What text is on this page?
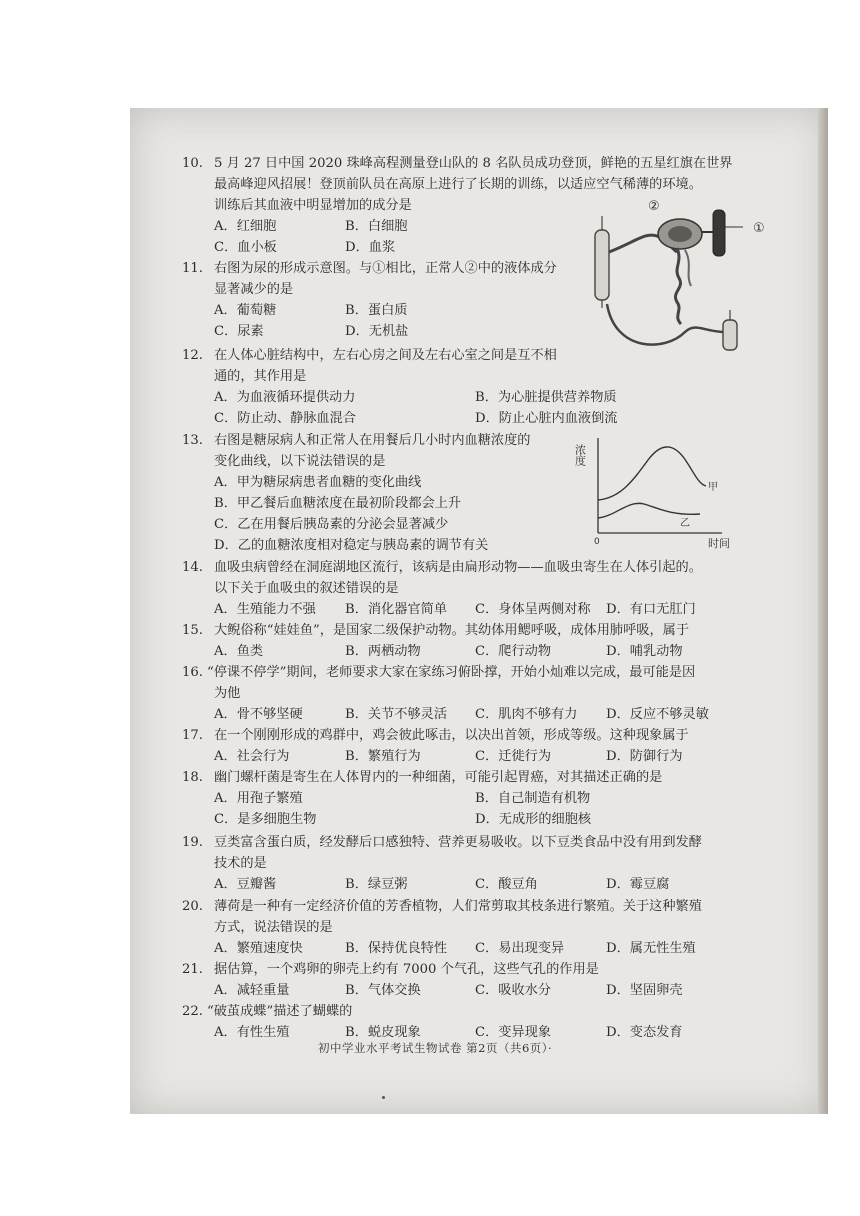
10. 5 月 27 日中国 2020 珠峰高程测量登山队的 8 名队员成功登顶，鲜艳的五星红旗在世界
最高峰迎风招展！登顶前队员在高原上进行了长期的训练，以适应空气稀薄的环境。
训练后其血液中明显增加的成分是
A．红细胞	B．白细胞
C．血小板	D．血浆
11. 右图为尿的形成示意图。与①相比，正常人②中的液体成分
显著减少的是
A．葡萄糖	B．蛋白质
C．尿素	D．无机盐
12. 在人体心脏结构中，左右心房之间及左右心室之间是互不相
通的，其作用是
A．为血液循环提供动力	B．为心脏提供营养物质
C．防止动、静脉血混合	D．防止心脏内血液倒流
13. 右图是糖尿病人和正常人在用餐后几小时内血糖浓度的
变化曲线，以下说法错误的是
A．甲为糖尿病患者血糖的变化曲线
B．甲乙餐后血糖浓度在最初阶段都会上升
C．乙在用餐后胰岛素的分泌会显著减少
D．乙的血糖浓度相对稳定与胰岛素的调节有关
14. 血吸虫病曾经在洞庭湖地区流行，该病是由扁形动物——血吸虫寄生在人体引起的。
以下关于血吸虫的叙述错误的是
A．生殖能力不强 B．消化器官简单 C．身体呈两侧对称 D．有口无肛门
15. 大鲵俗称“娃娃鱼”，是国家二级保护动物。其幼体用鳃呼吸，成体用肺呼吸，属于
A．鱼类	B．两栖动物	C．爬行动物	D．哺乳动物
16. “停课不停学”期间，老师要求大家在家练习俯卧撑，开始小灿难以完成，最可能是因
为他
A．骨不够坚硬	B．关节不够灵活 C．肌肉不够有力 D．反应不够灵敏
17. 在一个刚刚形成的鸡群中，鸡会彼此啄击，以决出首领，形成等级。这种现象属于
A．社会行为	B．繁殖行为	C．迁徙行为	D．防御行为
18. 幽门螺杆菌是寄生在人体胃内的一种细菌，可能引起胃癌，对其描述正确的是
A．用孢子繁殖	B．自己制造有机物
C．是多细胞生物	D．无成形的细胞核
19. 豆类富含蛋白质，经发酵后口感独特、营养更易吸收。以下豆类食品中没有用到发酵
技术的是
A．豆瓣酱	B．绿豆粥	C．酸豆角	D．霉豆腐
20. 薄荷是一种有一定经济价值的芳香植物，人们常剪取其枝条进行繁殖。关于这种繁殖
方式，说法错误的是
A．繁殖速度快	B．保持优良特性 C．易出现变异	D．属无性生殖
21. 据估算，一个鸡卵的卵壳上约有 7000 个气孔，这些气孔的作用是
A．减轻重量	B．气体交换	C．吸收水分	D．坚固卵壳
22. “破茧成蝶”描述了蝴蝶的
A．有性生殖	B．蜕皮现象	C．变异现象	D．变态发育
②
①
浓度
时间
0
甲
乙
初中学业水平考试生物试卷 第2页（共6页）·
